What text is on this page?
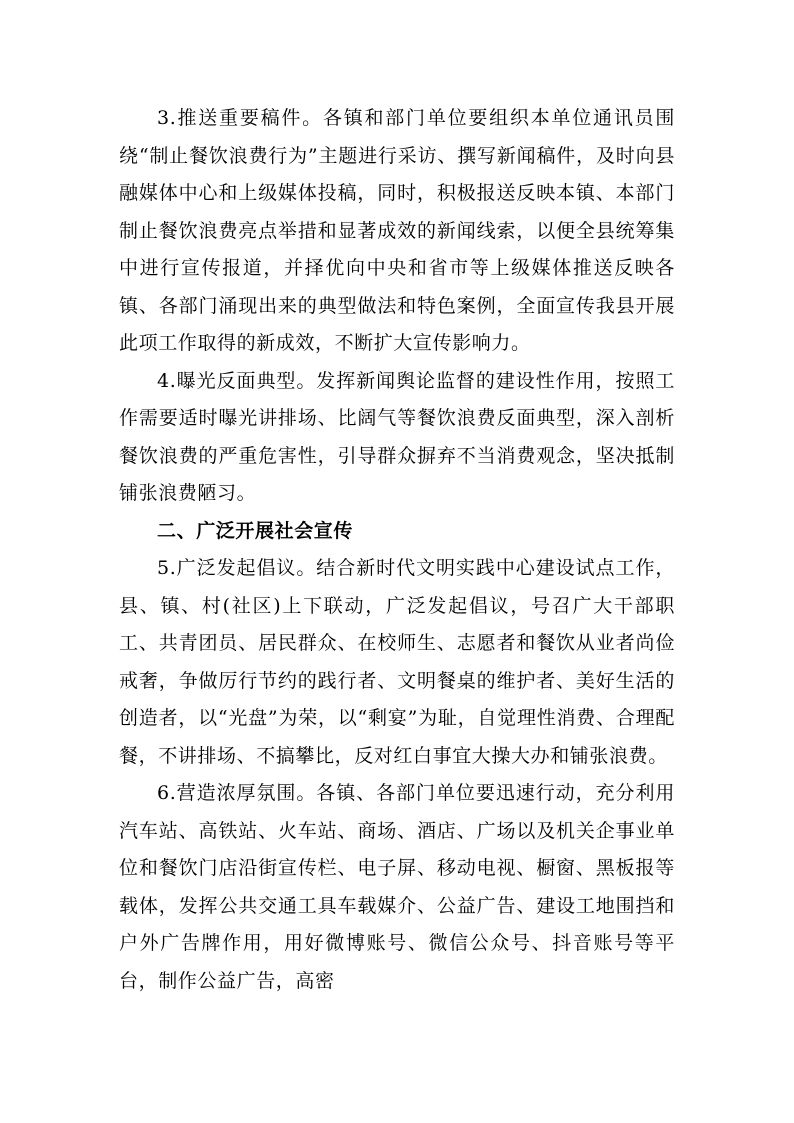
3.推送重要稿件。各镇和部门单位要组织本单位通讯员围绕“制止餐饮浪费行为”主题进行采访、撰写新闻稿件，及时向县融媒体中心和上级媒体投稿，同时，积极报送反映本镇、本部门制止餐饮浪费亮点举措和显著成效的新闻线索，以便全县统筹集中进行宣传报道，并择优向中央和省市等上级媒体推送反映各镇、各部门涌现出来的典型做法和特色案例，全面宣传我县开展此项工作取得的新成效，不断扩大宣传影响力。

4.曝光反面典型。发挥新闻舆论监督的建设性作用，按照工作需要适时曝光讲排场、比阔气等餐饮浪费反面典型，深入剖析餐饮浪费的严重危害性，引导群众摒弃不当消费观念，坚决抵制铺张浪费陋习。

二、广泛开展社会宣传

5.广泛发起倡议。结合新时代文明实践中心建设试点工作，县、镇、村(社区)上下联动，广泛发起倡议，号召广大干部职工、共青团员、居民群众、在校师生、志愿者和餐饮从业者尚俭戒奢，争做厉行节约的践行者、文明餐桌的维护者、美好生活的创造者，以“光盘”为荣，以“剩宴”为耻，自觉理性消费、合理配餐，不讲排场、不搞攀比，反对红白事宜大操大办和铺张浪费。

6.营造浓厚氛围。各镇、各部门单位要迅速行动，充分利用汽车站、高铁站、火车站、商场、酒店、广场以及机关企事业单位和餐饮门店沿街宣传栏、电子屏、移动电视、橱窗、黑板报等载体，发挥公共交通工具车载媒介、公益广告、建设工地围挡和户外广告牌作用，用好微博账号、微信公众号、抖音账号等平台，制作公益广告，高密
